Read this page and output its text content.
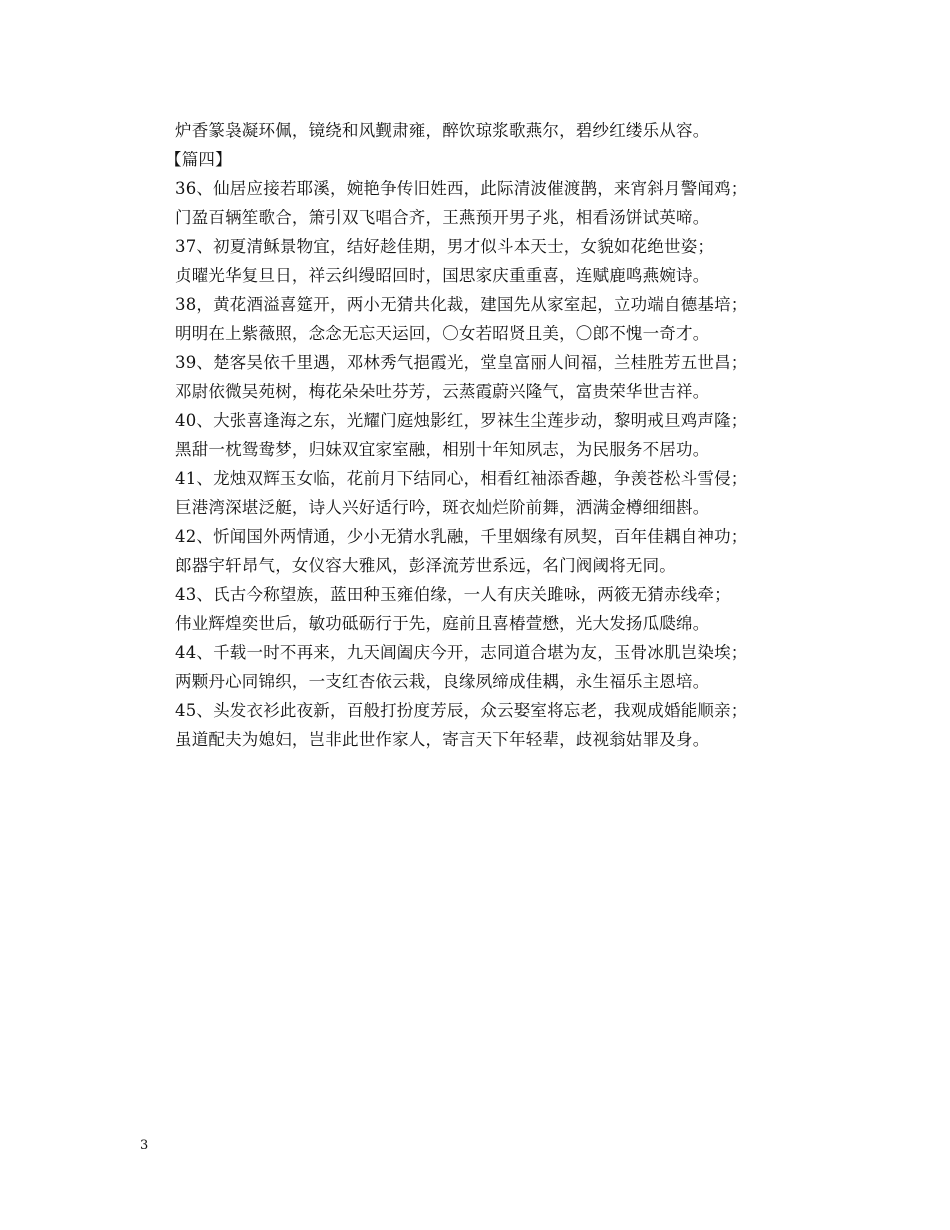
炉香篆袅凝环佩，镜绕和风觐肃雍，醉饮琼浆歌燕尔，碧纱红缕乐从容。
【篇四】
36、仙居应接若耶溪，婉艳争传旧姓西，此际清波催渡鹊，来宵斜月警闻鸡；
门盈百辆笙歌合，箫引双飞唱合齐，王燕预开男子兆，相看汤饼试英啼。
37、初夏清稣景物宜，结好趁佳期，男才似斗本天士，女貌如花绝世姿；
贞曜光华复旦日，祥云纠缦昭回时，国思家庆重重喜，连赋鹿鸣燕婉诗。
38，黄花酒溢喜筵开，两小无猜共化裁，建国先从家室起，立功端自德基培；
明明在上紫薇照，念念无忘天运回，〇女若昭贤且美，〇郎不愧一奇才。
39、楚客吴依千里遇，邓林秀气挹霞光，堂皇富丽人间福，兰桂胜芳五世昌；
邓尉依微吴苑树，梅花朵朵吐芬芳，云蒸霞蔚兴隆气，富贵荣华世吉祥。
40、大张喜逢海之东，光耀门庭烛影红，罗袜生尘莲步动，黎明戒旦鸡声隆；
黑甜一枕鸳鸯梦，归妹双宜家室融，相别十年知夙志，为民服务不居功。
41、龙烛双辉玉女临，花前月下结同心，相看红袖添香趣，争羡苍松斗雪侵；
巨港湾深堪泛艇，诗人兴好适行吟，斑衣灿烂阶前舞，洒满金樽细细斟。
42、忻闻国外两情通，少小无猜水乳融，千里姻缘有夙契，百年佳耦自神功；
郎器宇轩昂气，女仪容大雅风，彭泽流芳世系远，名门阀阈将无同。
43、氏古今称望族，蓝田种玉雍伯缘，一人有庆关雎咏，两筱无猜赤线牵；
伟业辉煌奕世后，敏功砥砺行于先，庭前且喜椿萱懋，光大发扬瓜瓞绵。
44、千载一时不再来，九天阊阖庆今开，志同道合堪为友，玉骨冰肌岂染埃；
两颗丹心同锦织，一支红杏依云栽，良缘夙缔成佳耦，永生福乐主恩培。
45、头发衣衫此夜新，百般打扮度芳辰，众云娶室将忘老，我观成婚能顺亲；
虽道配夫为媳妇，岂非此世作家人，寄言天下年轻辈，歧视翁姑罪及身。
3
